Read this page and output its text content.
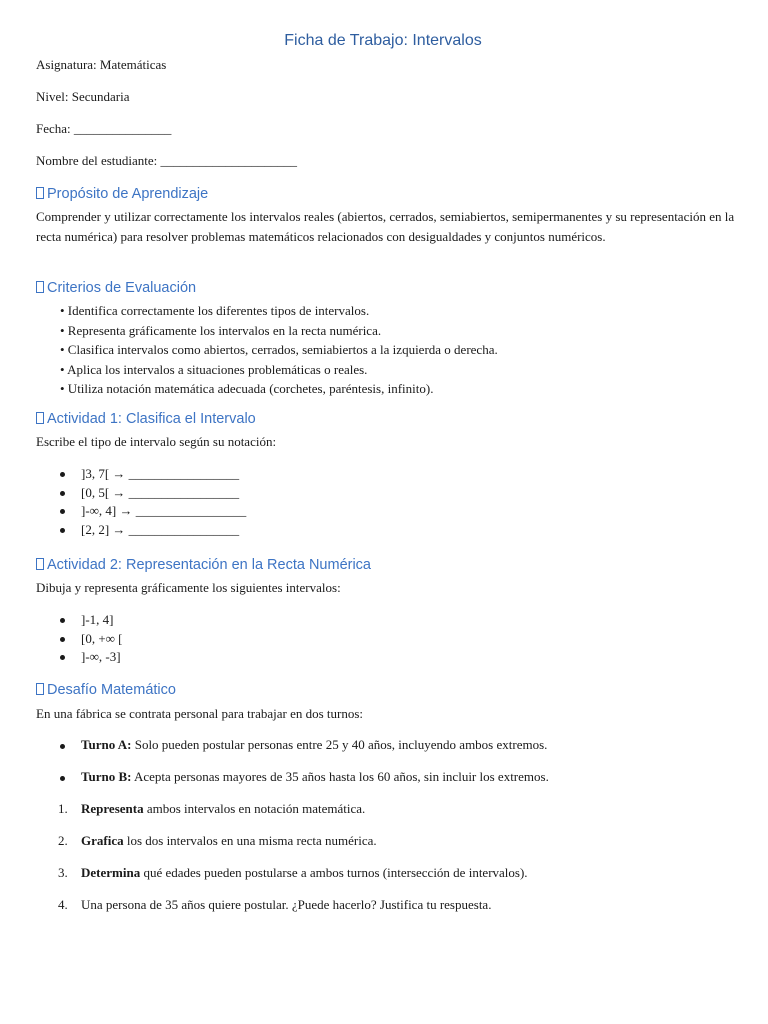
Ficha de Trabajo: Intervalos
Asignatura: Matemáticas
Nivel: Secundaria
Fecha: _______________
Nombre del estudiante: _____________________
Propósito de Aprendizaje
Comprender y utilizar correctamente los intervalos reales (abiertos, cerrados, semiabiertos, semipermanentes y su representación en la recta numérica) para resolver problemas matemáticos relacionados con desigualdades y conjuntos numéricos.
Criterios de Evaluación
• Identifica correctamente los diferentes tipos de intervalos.
• Representa gráficamente los intervalos en la recta numérica.
• Clasifica intervalos como abiertos, cerrados, semiabiertos a la izquierda o derecha.
• Aplica los intervalos a situaciones problemáticas o reales.
• Utiliza notación matemática adecuada (corchetes, paréntesis, infinito).
Actividad 1: Clasifica el Intervalo
Escribe el tipo de intervalo según su notación:
]3, 7[ → _________________
[0, 5[ → _________________
]-∞, 4] → _________________
[2, 2] → _________________
Actividad 2: Representación en la Recta Numérica
Dibuja y representa gráficamente los siguientes intervalos:
]-1, 4]
[0, +∞ [
]-∞, -3]
Desafío Matemático
En una fábrica se contrata personal para trabajar en dos turnos:
Turno A: Solo pueden postular personas entre 25 y 40 años, incluyendo ambos extremos.
Turno B: Acepta personas mayores de 35 años hasta los 60 años, sin incluir los extremos.
1. Representa ambos intervalos en notación matemática.
2. Grafica los dos intervalos en una misma recta numérica.
3. Determina qué edades pueden postularse a ambos turnos (intersección de intervalos).
4. Una persona de 35 años quiere postular. ¿Puede hacerlo? Justifica tu respuesta.
